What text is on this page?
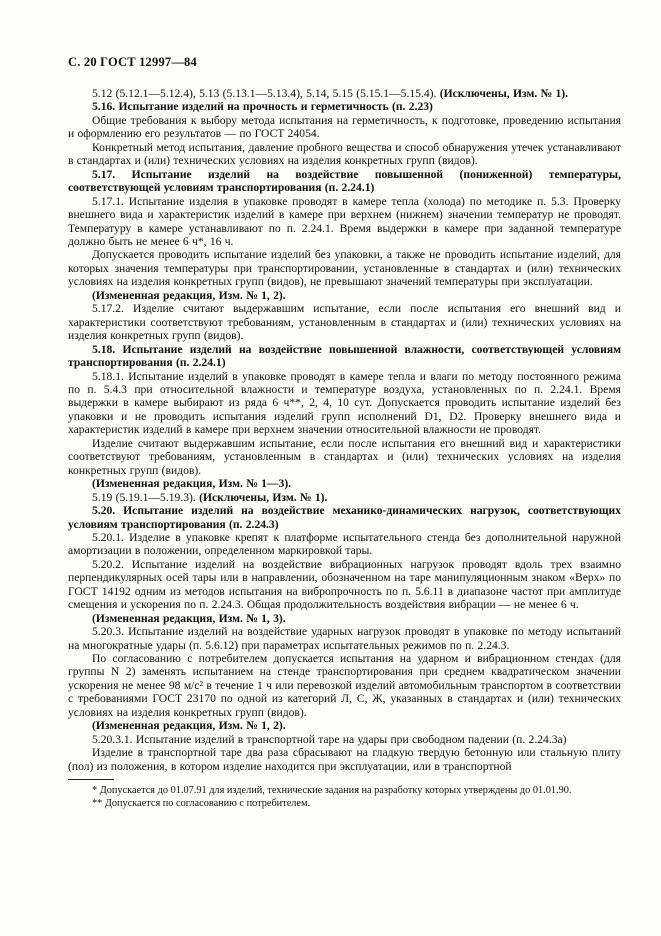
С. 20 ГОСТ 12997—84

5.12 (5.12.1—5.12.4), 5.13 (5.13.1—5.13.4), 5.14, 5.15 (5.15.1—5.15.4). (Исключены, Изм. № 1).

5.16. Испытание изделий на прочность и герметичность (п. 2.23)

Общие требования к выбору метода испытания на герметичность, к подготовке, проведению испытания и оформлению его результатов — по ГОСТ 24054.

Конкретный метод испытания, давление пробного вещества и способ обнаружения утечек устанавливают в стандартах и (или) технических условиях на изделия конкретных групп (видов).

5.17. Испытание изделий на воздействие повышенной (пониженной) температуры, соответствующей условиям транспортирования (п. 2.24.1)

5.17.1. Испытание изделия в упаковке проводят в камере тепла (холода) по методике п. 5.3. Проверку внешнего вида и характеристик изделий в камере при верхнем (нижнем) значении температур не проводят. Температуру в камере устанавливают по п. 2.24.1. Время выдержки в камере при заданной температуре должно быть не менее 6 ч*, 16 ч.

Допускается проводить испытание изделий без упаковки, а также не проводить испытание изделий, для которых значения температуры при транспортировании, установленные в стандартах и (или) технических условиях на изделия конкретных групп (видов), не превышают значений температуры при эксплуатации.

(Измененная редакция, Изм. № 1, 2).

5.17.2. Изделие считают выдержавшим испытание, если после испытания его внешний вид и характеристики соответствуют требованиям, установленным в стандартах и (или) технических условиях на изделия конкретных групп (видов).

5.18. Испытание изделий на воздействие повышенной влажности, соответствующей условиям транспортирования (п. 2.24.1)

5.18.1. Испытание изделий в упаковке проводят в камере тепла и влаги по методу постоянного режима по п. 5.4.3 при относительной влажности и температуре воздуха, установленных по п. 2.24.1. Время выдержки в камере выбирают из ряда 6 ч**, 2, 4, 10 сут. Допускается проводить испытание изделий без упаковки и не проводить испытания изделий групп исполнений D1, D2. Проверку внешнего вида и характеристик изделий в камере при верхнем значении относительной влажности не проводят.

Изделие считают выдержавшим испытание, если после испытания его внешний вид и характеристики соответствуют требованиям, установленным в стандартах и (или) технических условиях на изделия конкретных групп (видов).

(Измененная редакция, Изм. № 1—3).

5.19 (5.19.1—5.19.3). (Исключены, Изм. № 1).

5.20. Испытание изделий на воздействие механико-динамических нагрузок, соответствующих условиям транспортирования (п. 2.24.3)

5.20.1. Изделие в упаковке крепят к платформе испытательного стенда без дополнительной наружной амортизации в положении, определенном маркировкой тары.

5.20.2. Испытание изделий на воздействие вибрационных нагрузок проводят вдоль трех взаимно перпендикулярных осей тары или в направлении, обозначенном на таре манипуляционным знаком «Верх» по ГОСТ 14192 одним из методов испытания на вибропрочность по п. 5.6.11 в диапазоне частот при амплитуде смещения и ускорения по п. 2.24.3. Общая продолжительность воздействия вибрации — не менее 6 ч.

(Измененная редакция, Изм. № 1, 3).

5.20.3. Испытание изделий на воздействие ударных нагрузок проводят в упаковке по методу испытаний на многократные удары (п. 5.6.12) при параметрах испытательных режимов по п. 2.24.3.

По согласованию с потребителем допускается испытания на ударном и вибрационном стендах (для группы N 2) заменять испытанием на стенде транспортирования при среднем квадратическом значении ускорения не менее 98 м/с² в течение 1 ч или перевозкой изделий автомобильным транспортом в соответствии с требованиями ГОСТ 23170 по одной из категорий Л, С, Ж, указанных в стандартах и (или) технических условиях на изделия конкретных групп (видов).

(Измененная редакция, Изм. № 1, 2).

5.20.3.1. Испытание изделий в транспортной таре на удары при свободном падении (п. 2.24.3а)

Изделие в транспортной таре два раза сбрасывают на гладкую твердую бетонную или стальную плиту (пол) из положения, в котором изделие находится при эксплуатации, или в транспортной

* Допускается до 01.07.91 для изделий, технические задания на разработку которых утверждены до 01.01.90.

** Допускается по согласованию с потребителем.
